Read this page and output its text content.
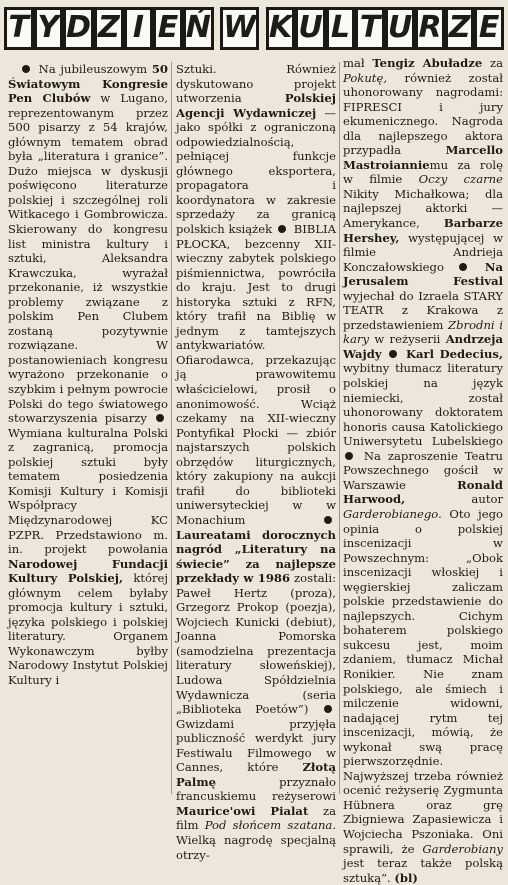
T Y D Z I E Ń W K U L T U R Z E

Na jubileuszowym 50 Światowym Kongresie Pen Clubów w Lugano, reprezentowanym przez 500 pisarzy z 54 krajów, głównym tematem obrad była „literatura i granice”. Dużo miejsca w dyskusji poświęcono literaturze polskiej i szczególnej roli Witkacego i Gombrowicza. Skierowany do kongresu list ministra kultury i sztuki, Aleksandra Krawczuka, wyrażał przekonanie, iż wszystkie problemy związane z polskim Pen Clubem zostaną pozytywnie rozwiązane. W postanowieniach kongresu wyrażono przekonanie o szybkim i pełnym powrocie Polski do tego światowego stowarzyszenia pisarzy  Wymiana kulturalna Polski z zagranicą, promocja polskiej sztuki były tematem posiedzenia Komisji Kultury i Komisji Współpracy Międzynarodowej KC PZPR. Przedstawiono m. in. projekt powołania Narodowej Fundacji Kultury Polskiej, której głównym celem byłaby promocja kultury i sztuki, języka polskiego i polskiej literatury. Organem Wykonawczym byłby Narodowy Instytut Polskiej Kultury i

Sztuki. Również dyskutowano projekt utworzenia Polskiej Agencji Wydawniczej — jako spółki z ograniczoną odpowiedzialnością, pełniącej funkcje głównego eksportera, propagatora i koordynatora w zakresie sprzedaży za granicą polskich książek  BIBLIA PŁOCKA, bezcenny XII-wieczny zabytek polskiego piśmiennictwa, powróciła do kraju. Jest to drugi historyka sztuki z RFN, który trafił na Biblię w jednym z tamtejszych antykwariatów. Ofiarodawca, przekazując ją prawowitemu właścicielowi, prosił o anonimowość. Wciąż czekamy na XII-wieczny Pontyfikał Płocki — zbiór najstarszych polskich obrzędów liturgicznych, który zakupiony na aukcji trafił do biblioteki uniwersyteckiej w w Monachium  Laureatami dorocznych nagród „Literatury na świecie” za najlepsze przekłady w 1986 zostali: Paweł Hertz (proza), Grzegorz Prokop (poezja), Wojciech Kunicki (debiut), Joanna Pomorska (samodzielna prezentacja literatury słoweńskiej), Ludowa Spółdzielnia Wydawnicza (seria „Biblioteka Poetów”)  Gwizdami przyjęła publiczność werdykt jury Festiwalu Filmowego w Cannes, które Złotą Palmę przyznało francuskiemu reżyserowi Maurice'owi Pialat za film Pod słońcem szatana. Wielką nagrodę specjalną otrzy-

mał Tengiz Abuładze za Pokutę, również został uhonorowany nagrodami: FIPRESCI i jury ekumenicznego. Nagroda dla najlepszego aktora przypadła Marcello Mastroianniemu za rolę w filmie Oczy czarne Nikity Michałkowa; dla najlepszej aktorki — Amerykance, Barbarze Hershey, występującej w filmie Andrieja Konczałowskiego  Na Jerusalem Festival wyjechał do Izraela STARY TEATR z Krakowa z przedstawieniem Zbrodni i kary w reżyserii Andrzeja Wajdy Karl Dedecius, wybitny tłumacz literatury polskiej na język niemiecki, został uhonorowany doktoratem honoris causa Katolickiego Uniwersytetu Lubelskiego  Na zaproszenie Teatru Powszechnego gościł w Warszawie Ronald Harwood, autor Garderobianego. Oto jego opinia o polskiej inscenizacji w Powszechnym: „Obok inscenizacji włoskiej i węgierskiej zaliczam polskie przedstawienie do najlepszych. Cichym bohaterem polskiego sukcesu jest, moim zdaniem, tłumacz Michał Ronikier. Nie znam polskiego, ale śmiech i milczenie widowni, nadającej rytm tej inscenizacji, mówią, że wykonał swą pracę pierwszorzędnie. Najwyższej trzeba również ocenić reżyserię Zygmunta Hübnera oraz grę Zbigniewa Zapasiewicza i Wojciecha Pszoniaka. Oni sprawili, że Garderobiany jest teraz także polską sztuką”. (bl)
